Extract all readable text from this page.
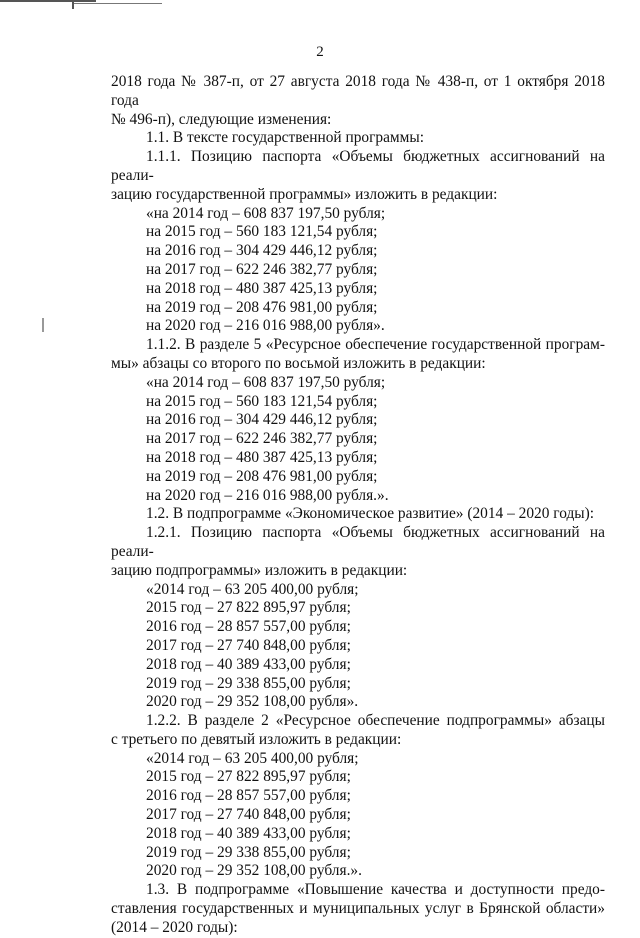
2

2018 года № 387-п, от 27 августа 2018 года № 438-п, от 1 октября 2018 года

№ 496-п), следующие изменения:

1.1. В тексте государственной программы:

1.1.1. Позицию паспорта «Объемы бюджетных ассигнований на реали-

зацию государственной программы» изложить в редакции:

«на 2014 год – 608 837 197,50 рубля;

на 2015 год – 560 183 121,54 рубля;

на 2016 год – 304 429 446,12 рубля;

на 2017 год – 622 246 382,77 рубля;

на 2018 год – 480 387 425,13 рубля;

на 2019 год – 208 476 981,00 рубля;

на 2020 год – 216 016 988,00 рубля».

1.1.2. В разделе 5 «Ресурсное обеспечение государственной програм-

мы» абзацы со второго по восьмой изложить в редакции:

«на 2014 год – 608 837 197,50 рубля;

на 2015 год – 560 183 121,54 рубля;

на 2016 год – 304 429 446,12 рубля;

на 2017 год – 622 246 382,77 рубля;

на 2018 год – 480 387 425,13 рубля;

на 2019 год – 208 476 981,00 рубля;

на 2020 год – 216 016 988,00 рубля.».

1.2. В подпрограмме «Экономическое развитие» (2014 – 2020 годы):

1.2.1. Позицию паспорта «Объемы бюджетных ассигнований на реали-

зацию подпрограммы» изложить в редакции:

«2014 год – 63 205 400,00 рубля;

2015 год – 27 822 895,97 рубля;

2016 год – 28 857 557,00 рубля;

2017 год – 27 740 848,00 рубля;

2018 год – 40 389 433,00 рубля;

2019 год – 29 338 855,00 рубля;

2020 год – 29 352 108,00 рубля».

1.2.2. В разделе 2 «Ресурсное обеспечение подпрограммы» абзацы

с третьего по девятый изложить в редакции:

«2014 год – 63 205 400,00 рубля;

2015 год – 27 822 895,97 рубля;

2016 год – 28 857 557,00 рубля;

2017 год – 27 740 848,00 рубля;

2018 год – 40 389 433,00 рубля;

2019 год – 29 338 855,00 рубля;

2020 год – 29 352 108,00 рубля.».

1.3. В подпрограмме «Повышение качества и доступности предо-

ставления государственных и муниципальных услуг в Брянской области»

(2014 – 2020 годы):
